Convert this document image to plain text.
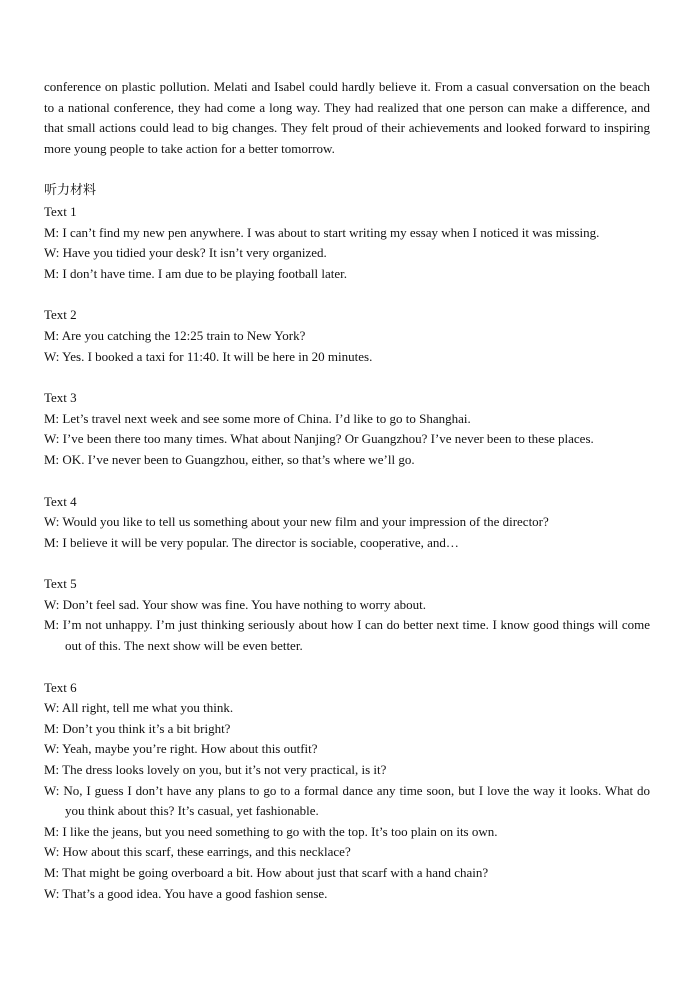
conference on plastic pollution. Melati and Isabel could hardly believe it. From a casual conversation on the beach to a national conference, they had come a long way. They had realized that one person can make a difference, and that small actions could lead to big changes. They felt proud of their achievements and looked forward to inspiring more young people to take action for a better tomorrow.

听力材料
Text 1
M: I can’t find my new pen anywhere. I was about to start writing my essay when I noticed it was missing.
W: Have you tidied your desk? It isn’t very organized.
M: I don’t have time. I am due to be playing football later.
Text 2
M: Are you catching the 12:25 train to New York?
W: Yes. I booked a taxi for 11:40. It will be here in 20 minutes.
Text 3
M: Let’s travel next week and see some more of China. I’d like to go to Shanghai.
W: I’ve been there too many times. What about Nanjing? Or Guangzhou? I’ve never been to these places.
M: OK. I’ve never been to Guangzhou, either, so that’s where we’ll go.
Text 4
W: Would you like to tell us something about your new film and your impression of the director?
M: I believe it will be very popular. The director is sociable, cooperative, and…
Text 5
W: Don’t feel sad. Your show was fine. You have nothing to worry about.
M: I’m not unhappy. I’m just thinking seriously about how I can do better next time. I know good things will come out of this. The next show will be even better.
Text 6
W: All right, tell me what you think.
M: Don’t you think it’s a bit bright?
W: Yeah, maybe you’re right. How about this outfit?
M: The dress looks lovely on you, but it’s not very practical, is it?
W: No, I guess I don’t have any plans to go to a formal dance any time soon, but I love the way it looks. What do you think about this? It’s casual, yet fashionable.
M: I like the jeans, but you need something to go with the top. It’s too plain on its own.
W: How about this scarf, these earrings, and this necklace?
M: That might be going overboard a bit. How about just that scarf with a hand chain?
W: That’s a good idea. You have a good fashion sense.
